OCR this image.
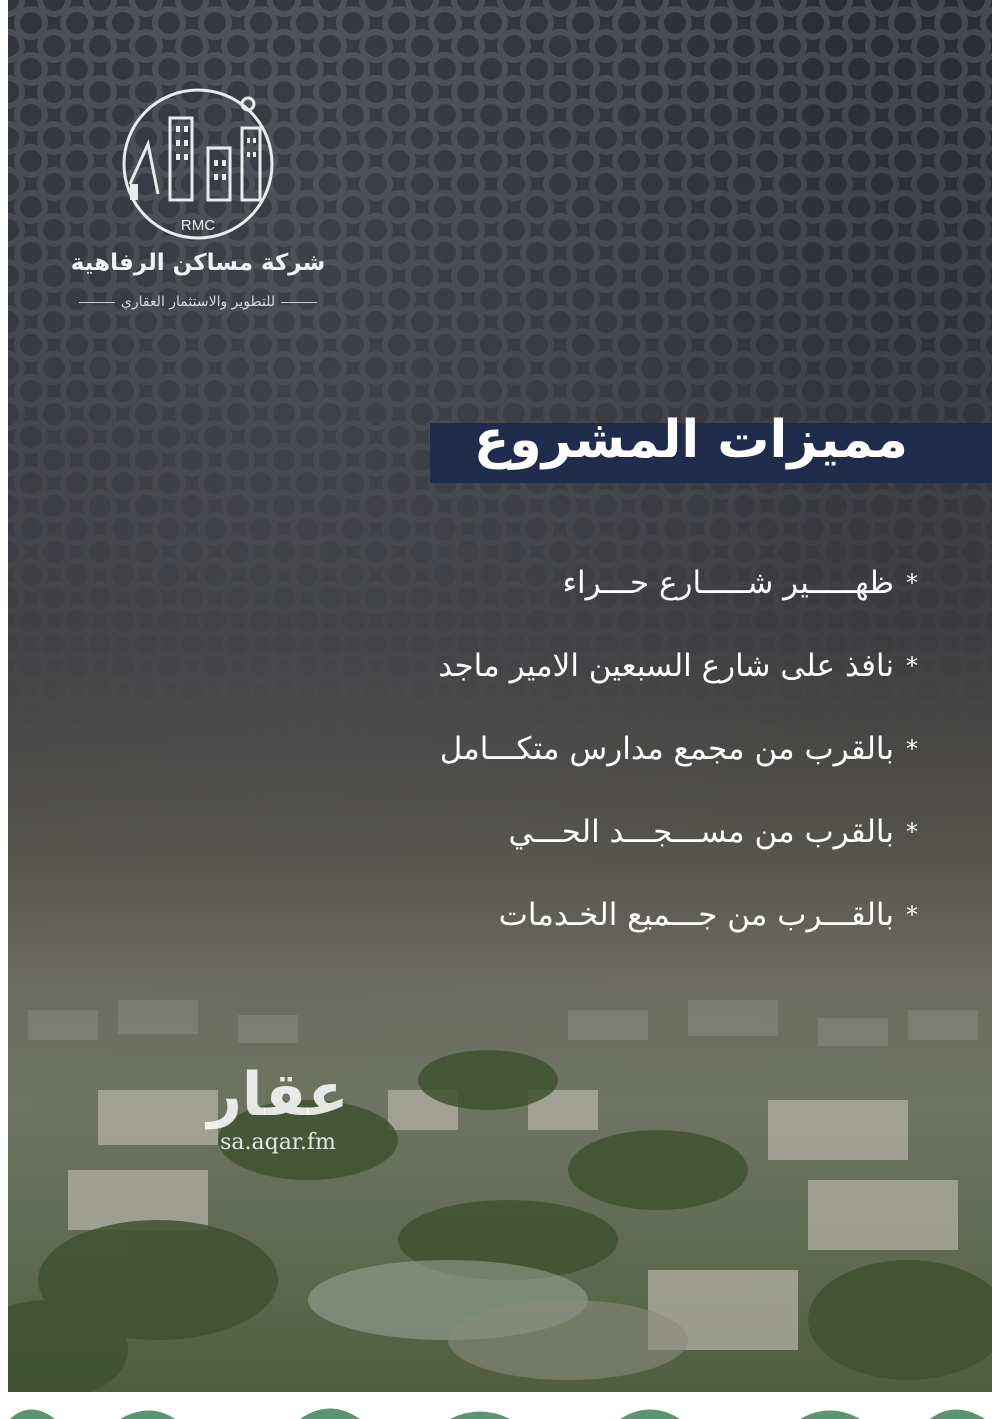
RMC
شركة مساكن الرفاهية
للتطوير والاستثمار العقاري
مميزات المشروع
*ظهـــــير شـــــارع حـــراء
*نافذ على شارع السبعين الامير ماجد
*بالقرب من مجمع مدارس متكـــامل
*بالقرب من مســـجـــد الحـــي
*بالقـــرب من جـــميع الخـدمات
عقار
sa.aqar.fm
